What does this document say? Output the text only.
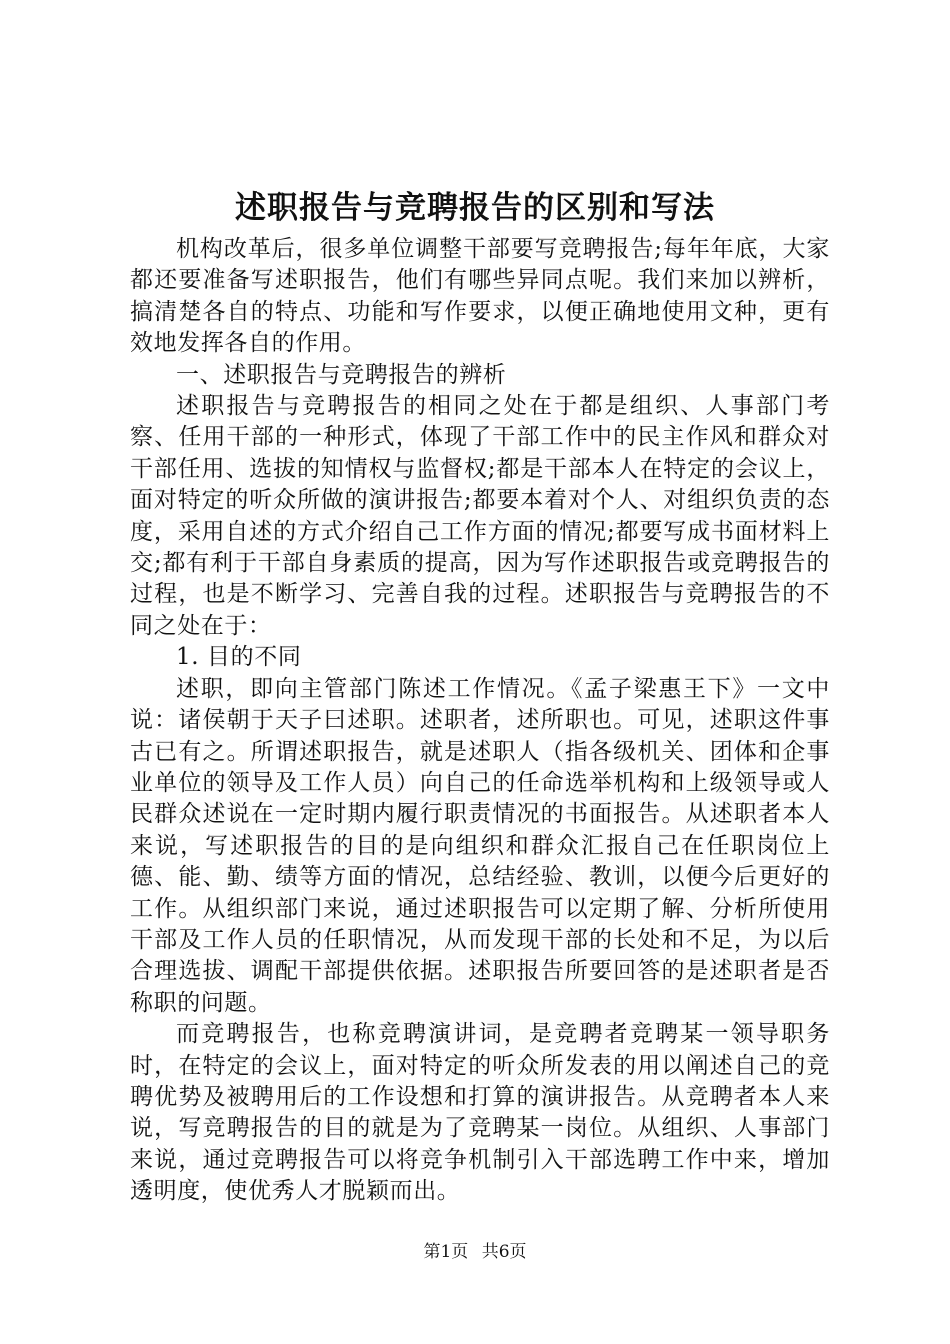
述职报告与竞聘报告的区别和写法

机构改革后，很多单位调整干部要写竞聘报告;每年年底，大家都还要准备写述职报告，他们有哪些异同点呢。我们来加以辨析，搞清楚各自的特点、功能和写作要求，以便正确地使用文种，更有效地发挥各自的作用。

一、述职报告与竞聘报告的辨析

述职报告与竞聘报告的相同之处在于都是组织、人事部门考察、任用干部的一种形式，体现了干部工作中的民主作风和群众对干部任用、选拔的知情权与监督权;都是干部本人在特定的会议上，面对特定的听众所做的演讲报告;都要本着对个人、对组织负责的态度，采用自述的方式介绍自己工作方面的情况;都要写成书面材料上交;都有利于干部自身素质的提高，因为写作述职报告或竞聘报告的过程，也是不断学习、完善自我的过程。述职报告与竞聘报告的不同之处在于：

1. 目的不同

述职，即向主管部门陈述工作情况。《孟子梁惠王下》一文中说：诸侯朝于天子曰述职。述职者，述所职也。可见，述职这件事古已有之。所谓述职报告，就是述职人（指各级机关、团体和企事业单位的领导及工作人员）向自己的任命选举机构和上级领导或人民群众述说在一定时期内履行职责情况的书面报告。从述职者本人来说，写述职报告的目的是向组织和群众汇报自己在任职岗位上德、能、勤、绩等方面的情况，总结经验、教训，以便今后更好的工作。从组织部门来说，通过述职报告可以定期了解、分析所使用干部及工作人员的任职情况，从而发现干部的长处和不足，为以后合理选拔、调配干部提供依据。述职报告所要回答的是述职者是否称职的问题。

而竞聘报告，也称竞聘演讲词，是竞聘者竞聘某一领导职务时，在特定的会议上，面对特定的听众所发表的用以阐述自己的竞聘优势及被聘用后的工作设想和打算的演讲报告。从竞聘者本人来说，写竞聘报告的目的就是为了竞聘某一岗位。从组织、人事部门来说，通过竞聘报告可以将竞争机制引入干部选聘工作中来，增加透明度，使优秀人才脱颖而出。

第1页 共6页
